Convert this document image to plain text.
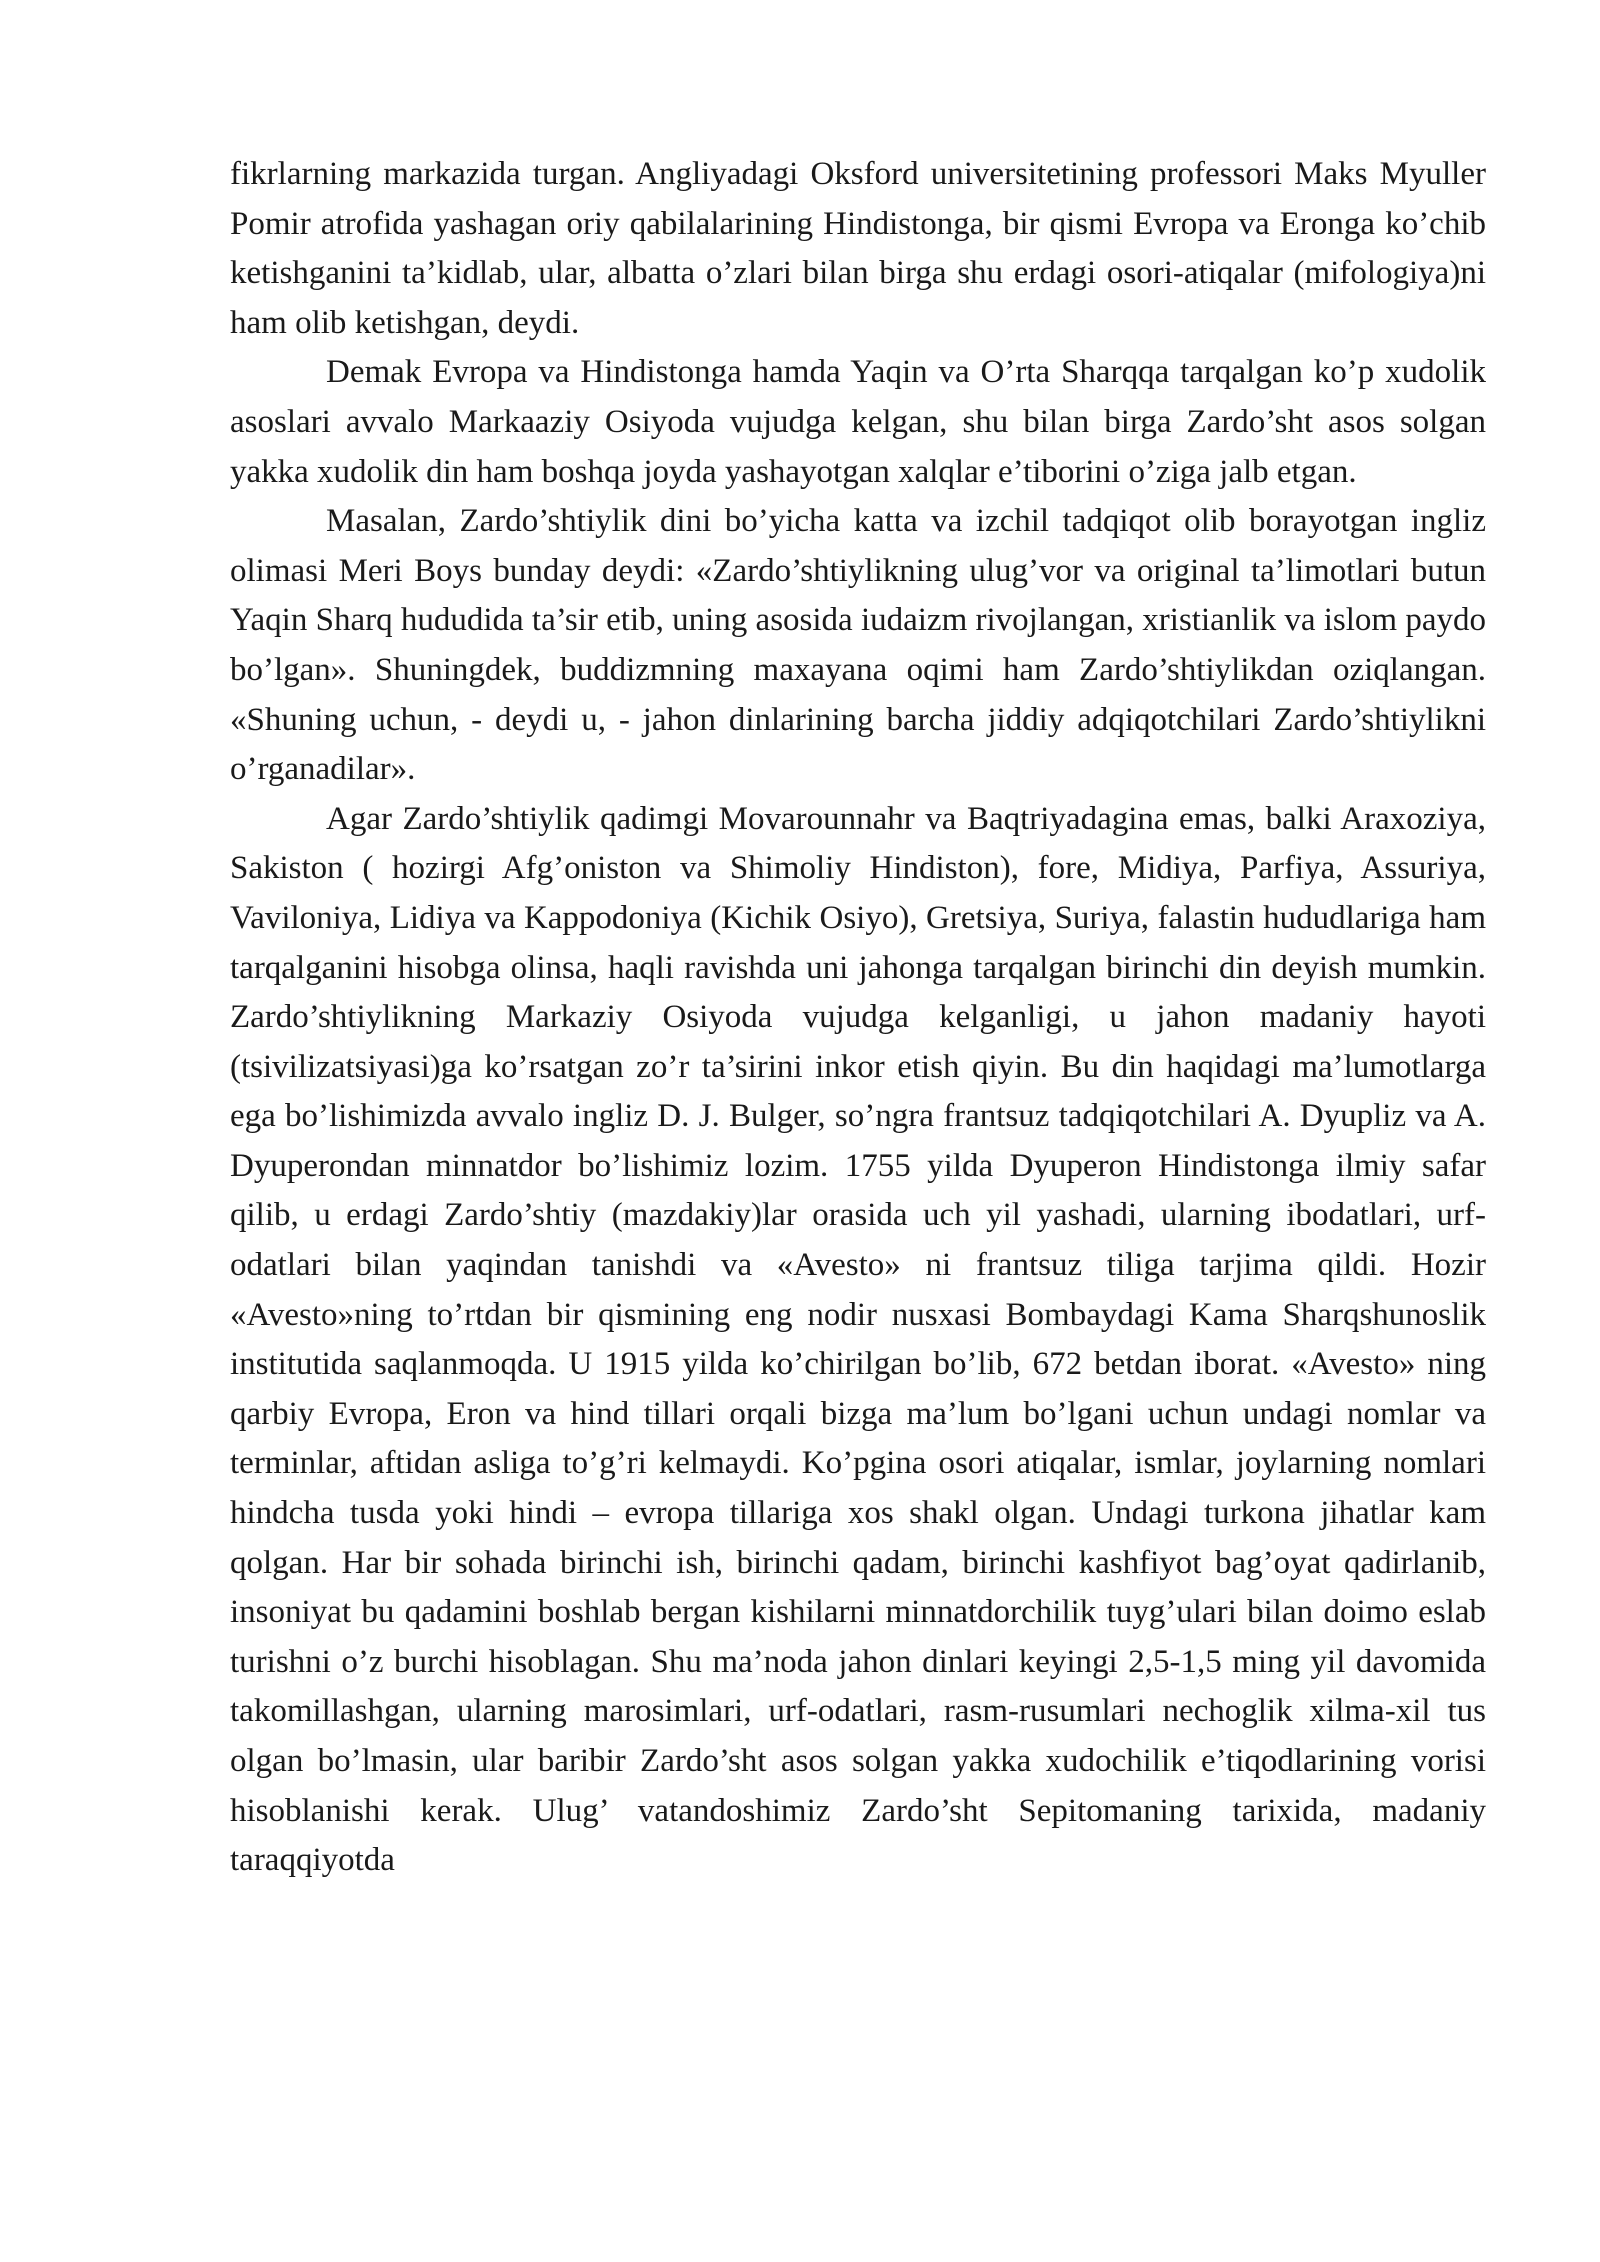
fikrlarning markazida turgan. Angliyadagi Oksford universitetining professori Maks Myuller Pomir atrofida yashagan oriy qabilalarining Hindistonga, bir qismi Evropa va Eronga ko’chib ketishganini ta’kidlab, ular, albatta o’zlari bilan birga shu erdagi osori-atiqalar (mifologiya)ni ham olib ketishgan, deydi.

Demak Evropa va Hindistonga hamda Yaqin va O’rta Sharqqa tarqalgan ko’p xudolik asoslari avvalo Markaaziy Osiyoda vujudga kelgan, shu bilan birga Zardo’sht asos solgan yakka xudolik din ham boshqa joyda yashayotgan xalqlar e’tiborini o’ziga jalb etgan.

Masalan, Zardo’shtiylik dini bo’yicha katta va izchil tadqiqot olib borayotgan ingliz olimasi Meri Boys bunday deydi: «Zardo’shtiylikning ulug’vor va original ta’limotlari butun Yaqin Sharq hududida ta’sir etib, uning asosida iudaizm rivojlangan, xristianlik va islom paydo bo’lgan». Shuningdek, buddizmning maxayana oqimi ham Zardo’shtiylikdan oziqlangan. «Shuning uchun, - deydi u, - jahon dinlarining barcha jiddiy adqiqotchilari Zardo’shtiylikni o’rganadilar».

Agar Zardo’shtiylik qadimgi Movarounnahr va Baqtriyadagina emas, balki Araxoziya, Sakiston ( hozirgi Afg’oniston va Shimoliy Hindiston), fore, Midiya, Parfiya, Assuriya, Vaviloniya, Lidiya va Kappodoniya (Kichik Osiyo), Gretsiya, Suriya, falastin hududlariga ham tarqalganini hisobga olinsa, haqli ravishda uni jahonga tarqalgan birinchi din deyish mumkin. Zardo’shtiylikning Markaziy Osiyoda vujudga kelganligi, u jahon madaniy hayoti (tsivilizatsiyasi)ga ko’rsatgan zo’r ta’sirini inkor etish qiyin. Bu din haqidagi ma’lumotlarga ega bo’lishimizda avvalo ingliz D. J. Bulger, so’ngra frantsuz tadqiqotchilari A. Dyupliz va A. Dyuperondan minnatdor bo’lishimiz lozim. 1755 yilda Dyuperon Hindistonga ilmiy safar qilib, u erdagi Zardo’shtiy (mazdakiy)lar orasida uch yil yashadi, ularning ibodatlari, urf-odatlari bilan yaqindan tanishdi va «Avesto» ni frantsuz tiliga tarjima qildi. Hozir «Avesto»ning to’rtdan bir qismining eng nodir nusxasi Bombaydagi Kama Sharqshunoslik institutida saqlanmoqda. U 1915 yilda ko’chirilgan bo’lib, 672 betdan iborat. «Avesto» ning qarbiy Evropa, Eron va hind tillari orqali bizga ma’lum bo’lgani uchun undagi nomlar va terminlar, aftidan asliga to’g’ri kelmaydi. Ko’pgina osori atiqalar, ismlar, joylarning nomlari hindcha tusda yoki hindi – evropa tillariga xos shakl olgan. Undagi turkona jihatlar kam qolgan. Har bir sohada birinchi ish, birinchi qadam, birinchi kashfiyot bag’oyat qadirlanib, insoniyat bu qadamini boshlab bergan kishilarni minnatdorchilik tuyg’ulari bilan doimo eslab turishni o’z burchi hisoblagan. Shu ma’noda jahon dinlari keyingi 2,5-1,5 ming yil davomida takomillashgan, ularning marosimlari, urf-odatlari, rasm-rusumlari nechoglik xilma-xil tus olgan bo’lmasin, ular baribir Zardo’sht asos solgan yakka xudochilik e’tiqodlarining vorisi hisoblanishi kerak. Ulug’ vatandoshimiz Zardo’sht Sepitomaning tarixida, madaniy taraqqiyotda
